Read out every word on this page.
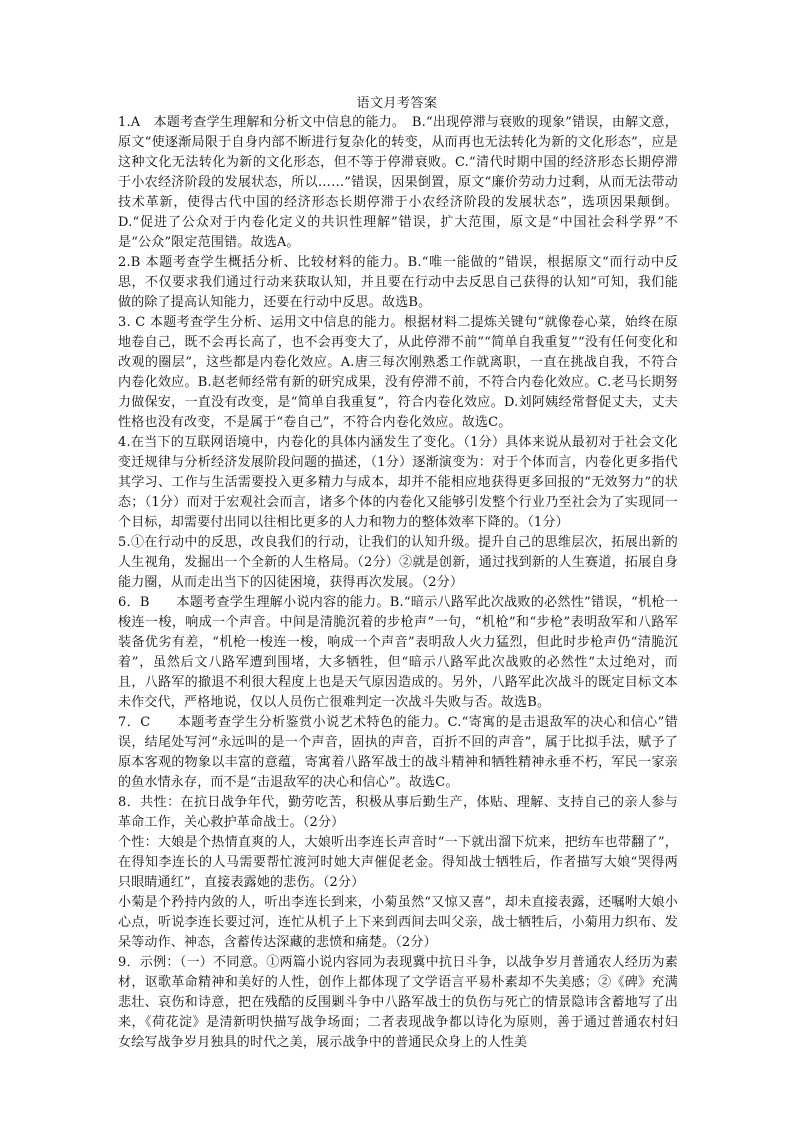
语文月考答案

1.A　本题考查学生理解和分析文中信息的能力。　B.“出现停滞与衰败的现象”错误，由解文意，原文“使逐渐局限于自身内部不断进行复杂化的转变，从而再也无法转化为新的文化形态”，应是这种文化无法转化为新的文化形态，但不等于停滞衰败。C.“清代时期中国的经济形态长期停滞于小农经济阶段的发展状态，所以……”错误，因果倒置，原文“廉价劳动力过剩，从而无法带动技术革新，使得古代中国的经济形态长期停滞于小农经济阶段的发展状态”，选项因果颠倒。D.“促进了公众对于内卷化定义的共识性理解”错误，扩大范围，原文是“中国社会科学界”不是“公众”限定范围错。故选A。

2.B 本题考查学生概括分析、比较材料的能力。B.“唯一能做的”错误，根据原文“而行动中反思，不仅要求我们通过行动来获取认知，并且要在行动中去反思自己获得的认知”可知，我们能做的除了提高认知能力，还要在行动中反思。故选B。

3. C 本题考查学生分析、运用文中信息的能力。根据材料二提炼关键句“就像卷心菜，始终在原地卷自己，既不会再长高了，也不会再变大了，从此停滞不前”“简单自我重复”“没有任何变化和改观的圈层”，这些都是内卷化效应。A.唐三每次刚熟悉工作就离职，一直在挑战自我，不符合内卷化效应。B.赵老师经常有新的研究成果，没有停滞不前，不符合内卷化效应。C.老马长期努力做保安，一直没有改变，是“简单自我重复”，符合内卷化效应。D.刘阿姨经常督促丈夫，丈夫性格也没有改变，不是属于“卷自己”，不符合内卷化效应。故选C。

4.在当下的互联网语境中，内卷化的具体内涵发生了变化。（1分）具体来说从最初对于社会文化变迁规律与分析经济发展阶段问题的描述，（1分）逐渐演变为：对于个体而言，内卷化更多指代其学习、工作与生活需要投入更多精力与成本，却并不能相应地获得更多回报的“无效努力”的状态；（1分）而对于宏观社会而言，诸多个体的内卷化又能够引发整个行业乃至社会为了实现同一个目标，却需要付出同以往相比更多的人力和物力的整体效率下降的。（1分）

5.①在行动中的反思，改良我们的行动，让我们的认知升级。提升自己的思维层次，拓展出新的人生视角，发掘出一个全新的人生格局。（2分）②就是创新，通过找到新的人生赛道，拓展自身能力圈，从而走出当下的囚徒困境，获得再次发展。（2分）

6．B　　本题考查学生理解小说内容的能力。B.“暗示八路军此次战败的必然性”错误，“机枪一梭连一梭，响成一个声音。中间是清脆沉着的步枪声”一句，“机枪”和“步枪”表明敌军和八路军装备优劣有差，“机枪一梭连一梭，响成一个声音”表明敌人火力猛烈，但此时步枪声仍“清脆沉着”，虽然后文八路军遭到围堵，大多牺牲，但“暗示八路军此次战败的必然性”太过绝对，而且，八路军的撤退不利很大程度上也是天气原因造成的。另外，八路军此次战斗的既定目标文本未作交代，严格地说，仅以人员伤亡很难判定一次战斗失败与否。故选B。

7．C　　本题考查学生分析鉴赏小说艺术特色的能力。C.“寄寓的是击退敌军的决心和信心”错误，结尾处写河“永远叫的是一个声音，固执的声音，百折不回的声音”，属于比拟手法，赋予了原本客观的物象以丰富的意蕴，寄寓着八路军战士的战斗精神和牺牲精神永垂不朽，军民一家亲的鱼水情永存，而不是“击退敌军的决心和信心”。故选C。

8．共性：在抗日战争年代，勤劳吃苦，积极从事后勤生产，体贴、理解、支持自己的亲人参与革命工作，关心救护革命战士。（2分）

个性：大娘是个热情直爽的人，大娘听出李连长声音时“一下就出溜下炕来，把纺车也带翻了”，在得知李连长的人马需要帮忙渡河时她大声催促老金。得知战士牺牲后，作者描写大娘“哭得两只眼睛通红”，直接表露她的悲伤。（2分）

小菊是个矜持内敛的人，听出李连长到来，小菊虽然“又惊又喜”，却未直接表露，还嘱咐大娘小心点，听说李连长要过河，连忙从机子上下来到西间去叫父亲，战士牺牲后，小菊用力织布、发呆等动作、神态，含蓄传达深藏的悲愤和痛楚。（2分）

9．示例：（一）不同意。①两篇小说内容同为表现冀中抗日斗争，以战争岁月普通农人经历为素材，讴歌革命精神和美好的人性，创作上都体现了文学语言平易朴素却不失美感；②《碑》充满悲壮、哀伤和诗意，把在残酷的反围剿斗争中八路军战士的负伤与死亡的情景隐讳含蓄地写了出来，《荷花淀》是清新明快描写战争场面；二者表现战争都以诗化为原则，善于通过普通农村妇女绘写战争岁月独具的时代之美，展示战争中的普通民众身上的人性美
